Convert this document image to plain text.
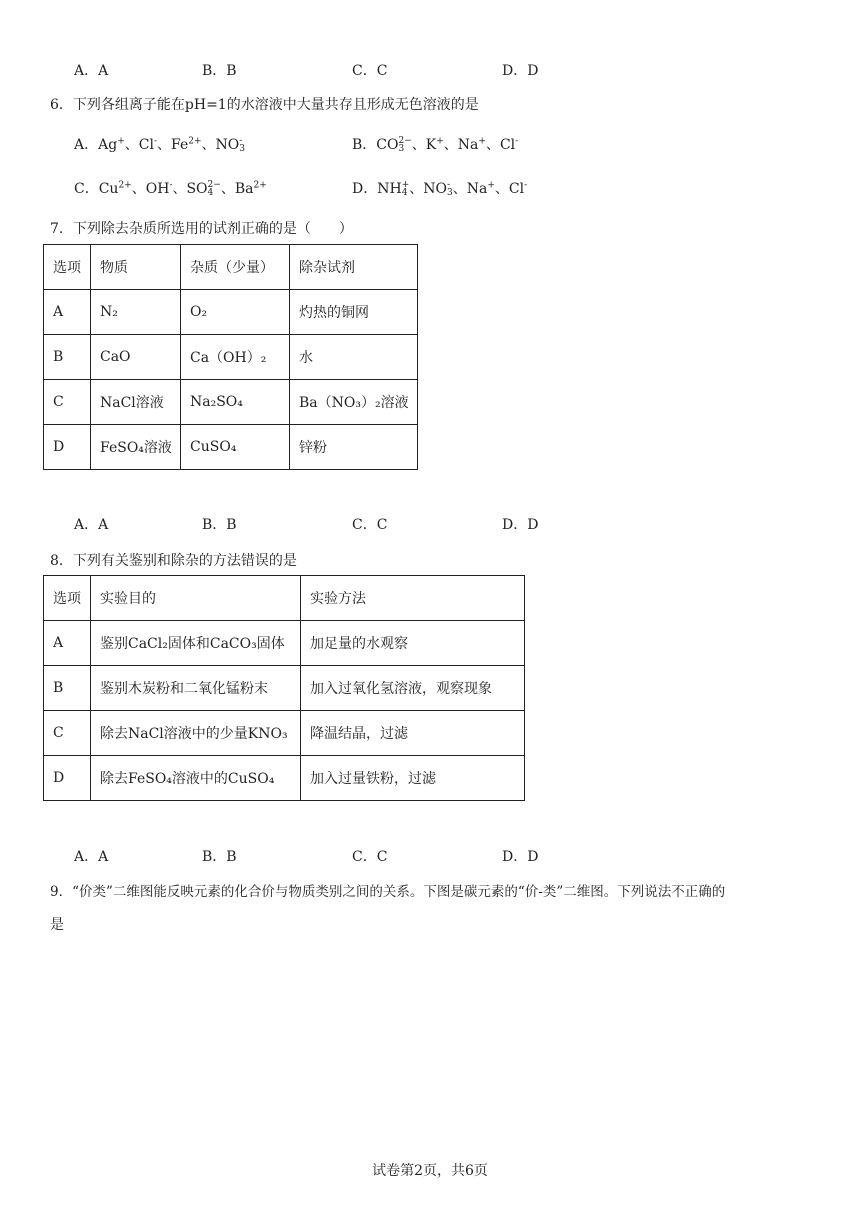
A．A	B．B	C．C	D．D
6．下列各组离子能在pH=1的水溶液中大量共存且形成无色溶液的是
A．Ag+、Cl-、$Fe^{2+}$、NO -
3	B．CO 2−
3 、K+、Na+、Cl-
C．$Cu^{2+}$、OH-、SO 2−
4 、$Ba^{2+}$	D．NH +
4 、NO -
3 、Na+、Cl-
7．下列除去杂质所选用的试剂正确的是（　　）
选项	物质	杂质（少量）	除杂试剂
A	N₂	O₂	灼热的铜网
B	CaO	Ca（OH）₂	水
C	NaCl溶液	Na₂SO₄	Ba（NO₃）₂溶液
D	FeSO₄溶液	CuSO₄	锌粉
A．A	B．B	C．C	D．D
8．下列有关鉴别和除杂的方法错误的是
选项	实验目的	实验方法
A	鉴别CaCl₂固体和CaCO₃固体	加足量的水观察
B	鉴别木炭粉和二氧化锰粉末	加入过氧化氢溶液，观察现象
C	除去NaCl溶液中的少量KNO₃	降温结晶，过滤
D	除去FeSO₄溶液中的CuSO₄	加入过量铁粉，过滤
A．A	B．B	C．C	D．D
9．“价类”二维图能反映元素的化合价与物质类别之间的关系。下图是碳元素的“价-类”二维图。下列说法不正确的
是
试卷第2页，共6页
